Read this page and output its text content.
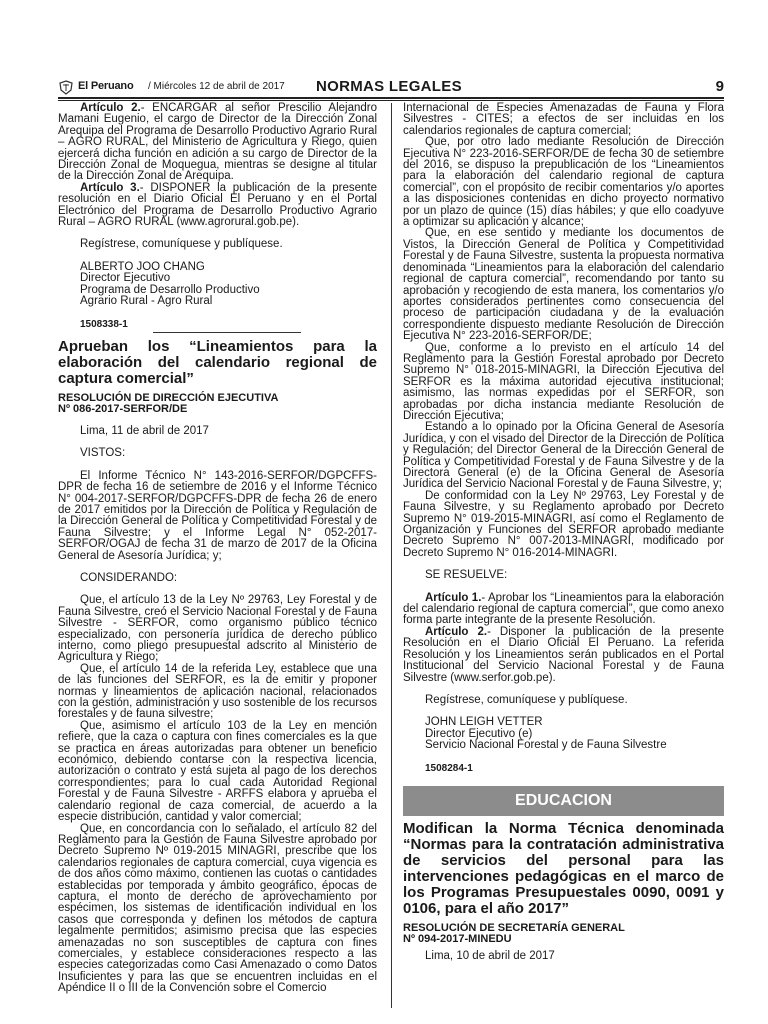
El Peruano / Miércoles 12 de abril de 2017 NORMAS LEGALES	9

Artículo 2.- ENCARGAR al señor Prescilio Alejandro Mamani Eugenio, el cargo de Director de la Dirección Zonal Arequipa del Programa de Desarrollo Productivo Agrario Rural – AGRO RURAL, del Ministerio de Agricultura y Riego, quien ejercerá dicha función en adición a su cargo de Director de la Dirección Zonal de Moquegua, mientras se designe al titular de la Dirección Zonal de Arequipa.

Artículo 3.- DISPONER la publicación de la presente resolución en el Diario Oficial El Peruano y en el Portal Electrónico del Programa de Desarrollo Productivo Agrario Rural – AGRO RURAL (www.agrorural.gob.pe).

Regístrese, comuníquese y publíquese.

ALBERTO JOO CHANG

Director Ejecutivo

Programa de Desarrollo Productivo

Agrario Rural - Agro Rural

1508338-1

Aprueban los “Lineamientos para la elaboración del calendario regional de captura comercial”

RESOLUCIÓN DE DIRECCIÓN EJECUTIVA

Nº 086-2017-SERFOR/DE

Lima, 11 de abril de 2017

VISTOS:

El Informe Técnico N° 143-2016-SERFOR/DGPCFFS-DPR de fecha 16 de setiembre de 2016 y el Informe Técnico N° 004-2017-SERFOR/DGPCFFS-DPR de fecha 26 de enero de 2017 emitidos por la Dirección de Política y Regulación de la Dirección General de Política y Competitividad Forestal y de Fauna Silvestre; y el Informe Legal N° 052-2017-SERFOR/OGAJ de fecha 31 de marzo de 2017 de la Oficina General de Asesoría Jurídica; y;

CONSIDERANDO:

Que, el artículo 13 de la Ley Nº 29763, Ley Forestal y de Fauna Silvestre, creó el Servicio Nacional Forestal y de Fauna Silvestre - SERFOR, como organismo público técnico especializado, con personería jurídica de derecho público interno, como pliego presupuestal adscrito al Ministerio de Agricultura y Riego;

Que, el artículo 14 de la referida Ley, establece que una de las funciones del SERFOR, es la de emitir y proponer normas y lineamientos de aplicación nacional, relacionados con la gestión, administración y uso sostenible de los recursos forestales y de fauna silvestre;

Que, asimismo el artículo 103 de la Ley en mención refiere, que la caza o captura con fines comerciales es la que se practica en áreas autorizadas para obtener un beneficio económico, debiendo contarse con la respectiva licencia, autorización o contrato y está sujeta al pago de los derechos correspondientes; para lo cual cada Autoridad Regional Forestal y de Fauna Silvestre - ARFFS elabora y aprueba el calendario regional de caza comercial, de acuerdo a la especie distribución, cantidad y valor comercial;

Que, en concordancia con lo señalado, el artículo 82 del Reglamento para la Gestión de Fauna Silvestre aprobado por Decreto Supremo Nº 019-2015 MINAGRI, prescribe que los calendarios regionales de captura comercial, cuya vigencia es de dos años como máximo, contienen las cuotas o cantidades establecidas por temporada y ámbito geográfico, épocas de captura, el monto de derecho de aprovechamiento por espécimen, los sistemas de identificación individual en los casos que corresponda y definen los métodos de captura legalmente permitidos; asimismo precisa que las especies amenazadas no son susceptibles de captura con fines comerciales, y establece consideraciones respecto a las especies categorizadas como Casi Amenazado o como Datos Insuficientes y para las que se encuentren incluidas en el Apéndice II o III de la Convención sobre el Comercio

Internacional de Especies Amenazadas de Fauna y Flora Silvestres - CITES; a efectos de ser incluidas en los calendarios regionales de captura comercial;

Que, por otro lado mediante Resolución de Dirección Ejecutiva N° 223-2016-SERFOR/DE de fecha 30 de setiembre del 2016, se dispuso la prepublicación de los “Lineamientos para la elaboración del calendario regional de captura comercial”, con el propósito de recibir comentarios y/o aportes a las disposiciones contenidas en dicho proyecto normativo por un plazo de quince (15) días hábiles; y que ello coadyuve a optimizar su aplicación y alcance;

Que, en ese sentido y mediante los documentos de Vistos, la Dirección General de Política y Competitividad Forestal y de Fauna Silvestre, sustenta la propuesta normativa denominada “Lineamientos para la elaboración del calendario regional de captura comercial”, recomendando por tanto su aprobación y recogiendo de esta manera, los comentarios y/o aportes considerados pertinentes como consecuencia del proceso de participación ciudadana y de la evaluación correspondiente dispuesto mediante Resolución de Dirección Ejecutiva N° 223-2016-SERFOR/DE;

Que, conforme a lo previsto en el artículo 14 del Reglamento para la Gestión Forestal aprobado por Decreto Supremo N° 018-2015-MINAGRI, la Dirección Ejecutiva del SERFOR es la máxima autoridad ejecutiva institucional; asimismo, las normas expedidas por el SERFOR, son aprobadas por dicha instancia mediante Resolución de Dirección Ejecutiva;

Estando a lo opinado por la Oficina General de Asesoría Jurídica, y con el visado del Director de la Dirección de Política y Regulación; del Director General de la Dirección General de Política y Competitividad Forestal y de Fauna Silvestre y de la Directora General (e) de la Oficina General de Asesoría Jurídica del Servicio Nacional Forestal y de Fauna Silvestre, y;

De conformidad con la Ley Nº 29763, Ley Forestal y de Fauna Silvestre, y su Reglamento aprobado por Decreto Supremo N° 019-2015-MINAGRI, así como el Reglamento de Organización y Funciones del SERFOR aprobado mediante Decreto Supremo N° 007-2013-MINAGRI, modificado por Decreto Supremo N° 016-2014-MINAGRI.

SE RESUELVE:

Artículo 1.- Aprobar los “Lineamientos para la elaboración del calendario regional de captura comercial”, que como anexo forma parte integrante de la presente Resolución.

Artículo 2.- Disponer la publicación de la presente Resolución en el Diario Oficial El Peruano. La referida Resolución y los Lineamientos serán publicados en el Portal Institucional del Servicio Nacional Forestal y de Fauna Silvestre (www.serfor.gob.pe).

Regístrese, comuníquese y publíquese.

JOHN LEIGH VETTER

Director Ejecutivo (e)

Servicio Nacional Forestal y de Fauna Silvestre

1508284-1

EDUCACION

Modifican la Norma Técnica denominada “Normas para la contratación administrativa de servicios del personal para las intervenciones pedagógicas en el marco de los Programas Presupuestales 0090, 0091 y 0106, para el año 2017”

RESOLUCIÓN DE SECRETARÍA GENERAL

Nº 094-2017-MINEDU

Lima, 10 de abril de 2017
